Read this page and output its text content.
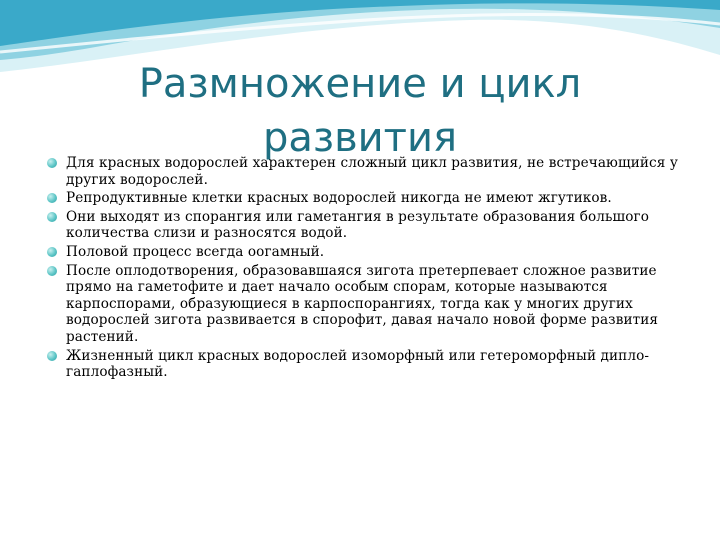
Размножение и цикл
развития
Для красных водорослей характерен сложный цикл развития, не встречающийся у других водорослей.
Репродуктивные клетки красных водорослей никогда не имеют жгутиков.
Они выходят из спорангия или гаметангия в результате образования большого количества слизи и разносятся водой.
Половой процесс всегда оогамный.
После оплодотворения, образовавшаяся зигота претерпевает сложное развитие прямо на гаметофите и дает начало особым спорам, которые называются карпоспорами, образующиеся в карпоспорангиях, тогда как у многих других водорослей зигота развивается в спорофит, давая начало новой форме развития растений.
Жизненный цикл красных водорослей изоморфный или гетероморфный дипло-гаплофазный.
